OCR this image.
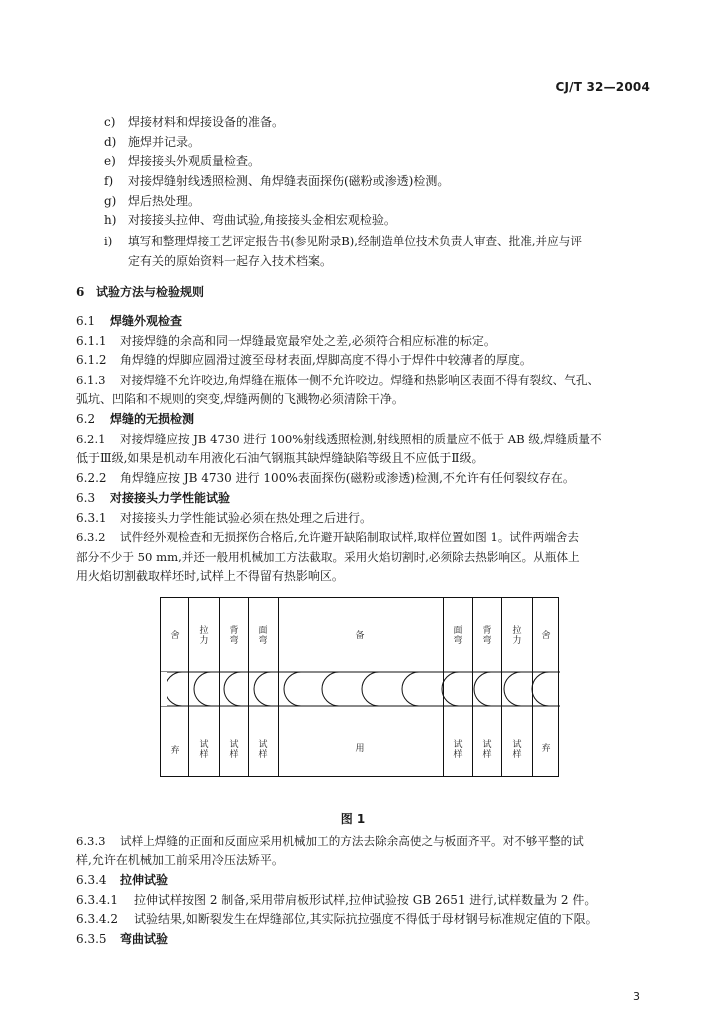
CJ/T 32—2004
c) 焊接材料和焊接设备的准备。
d) 施焊并记录。
e) 焊接接头外观质量检查。
f) 对接焊缝射线透照检测、角焊缝表面探伤(磁粉或渗透)检测。
g) 焊后热处理。
h) 对接接头拉伸、弯曲试验,角接接头金相宏观检验。
i) 填写和整理焊接工艺评定报告书(参见附录B),经制造单位技术负责人审查、批准,并应与评
定有关的原始资料一起存入技术档案。
6 试验方法与检验规则
6.1 焊缝外观检查
6.1.1 对接焊缝的余高和同一焊缝最宽最窄处之差,必须符合相应标准的标定。
6.1.2 角焊缝的焊脚应圆滑过渡至母材表面,焊脚高度不得小于焊件中较薄者的厚度。
6.1.3 对接焊缝不允许咬边,角焊缝在瓶体一侧不允许咬边。焊缝和热影响区表面不得有裂纹、气孔、
弧坑、凹陷和不规则的突变,焊缝两侧的飞溅物必须清除干净。
6.2 焊缝的无损检测
6.2.1 对接焊缝应按 JB 4730 进行 100%射线透照检测,射线照相的质量应不低于 AB 级,焊缝质量不
低于Ⅲ级,如果是机动车用液化石油气钢瓶其缺焊缝缺陷等级且不应低于Ⅱ级。
6.2.2 角焊缝应按 JB 4730 进行 100%表面探伤(磁粉或渗透)检测,不允许有任何裂纹存在。
6.3 对接接头力学性能试验
6.3.1 对接接头力学性能试验必须在热处理之后进行。
6.3.2 试件经外观检查和无损探伤合格后,允许避开缺陷制取试样,取样位置如图 1。试件两端舍去
部分不少于 50 mm,并还一般用机械加工方法截取。采用火焰切割时,必须除去热影响区。从瓶体上
用火焰切割截取样坯时,试样上不得留有热影响区。
舍 拉力
背弯
面弯	备	面弯
背弯
拉力 舍
弃
试样
试样
试样
用	试样
试样
试样
弃
图 1
6.3.3 试样上焊缝的正面和反面应采用机械加工的方法去除余高使之与板面齐平。对不够平整的试
样,允许在机械加工前采用冷压法矫平。
6.3.4 拉伸试验
6.3.4.1 拉伸试样按图 2 制备,采用带肩板形试样,拉伸试验按 GB 2651 进行,试样数量为 2 件。
6.3.4.2 试验结果,如断裂发生在焊缝部位,其实际抗拉强度不得低于母材钢号标准规定值的下限。
6.3.5 弯曲试验
3
